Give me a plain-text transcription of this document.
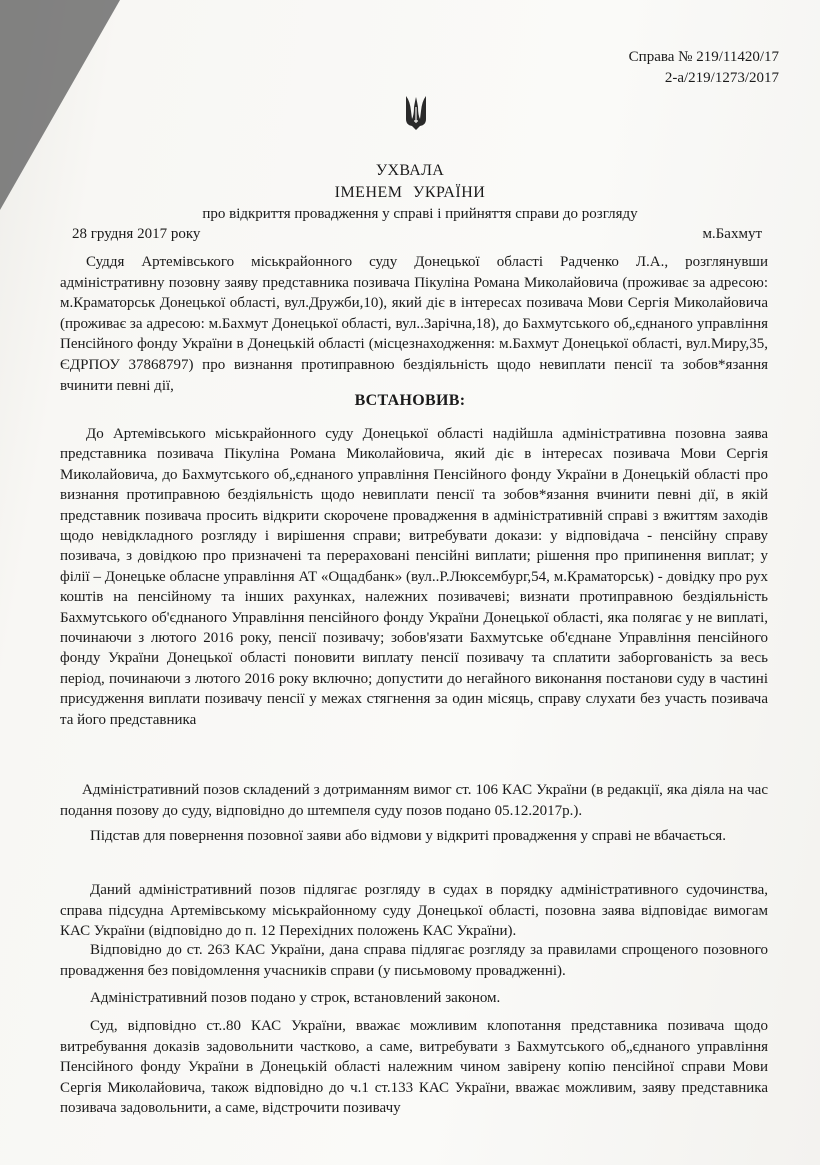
Справа № 219/11420/17
2-а/219/1273/2017
УХВАЛА
ІМЕНЕМ УКРАЇНИ
про відкриття провадження у справі і прийняття справи до розгляду
28 грудня 2017 року	м.Бахмут

Суддя Артемівського міськрайонного суду Донецької області Радченко Л.А., розглянувши адміністративну позовну заяву представника позивача Пікуліна Романа Миколайовича (проживає за адресою: м.Краматорськ Донецької області, вул.Дружби,10), який діє в інтересах позивача Мови Сергія Миколайовича (проживає за адресою: м.Бахмут Донецької області, вул..Зарічна,18), до Бахмутського об„єднаного управління Пенсійного фонду України в Донецькій області (місцезнаходження: м.Бахмут Донецької області, вул.Миру,35, ЄДРПОУ 37868797) про визнання протиправною бездіяльність щодо невиплати пенсії та зобов*язання вчинити певні дії,

ВСТАНОВИВ:

До Артемівського міськрайонного суду Донецької області надійшла адміністративна позовна заява представника позивача Пікуліна Романа Миколайовича, який діє в інтересах позивача Мови Сергія Миколайовича, до Бахмутського об„єднаного управління Пенсійного фонду України в Донецькій області про визнання протиправною бездіяльність щодо невиплати пенсії та зобов*язання вчинити певні дії, в якій представник позивача просить відкрити скорочене провадження в адміністративній справі з вжиттям заходів щодо невідкладного розгляду і вирішення справи; витребувати докази: у відповідача - пенсійну справу позивача, з довідкою про призначені та перераховані пенсійні виплати; рішення про припинення виплат; у філії – Донецьке обласне управління АТ «Ощадбанк» (вул..Р.Люксембург,54, м.Краматорськ) - довідку про рух коштів на пенсійному та інших рахунках, належних позивачеві; визнати протиправною бездіяльність Бахмутського об'єднаного Управління пенсійного фонду України Донецької області, яка полягає у не виплаті, починаючи з лютого 2016 року, пенсії позивачу; зобов'язати Бахмутське об'єднане Управління пенсійного фонду України Донецької області поновити виплату пенсії позивачу та сплатити заборгованість за весь період, починаючи з лютого 2016 року включно; допустити до негайного виконання постанови суду в частині присудження виплати позивачу пенсії у межах стягнення за один місяць, справу слухати без участь позивача та його представника

Адміністративний позов складений з дотриманням вимог ст. 106 КАС України (в редакції, яка діяла на час подання позову до суду, відповідно до штемпеля суду позов подано 05.12.2017р.).

Підстав для повернення позовної заяви або відмови у відкриті провадження у справі не вбачається.

Даний адміністративний позов підлягає розгляду в судах в порядку адміністративного судочинства, справа підсудна Артемівському міськрайонному суду Донецької області, позовна заява відповідає вимогам КАС України (відповідно до п. 12 Перехідних положень КАС України).

Відповідно до ст. 263 КАС України, дана справа підлягає розгляду за правилами спрощеного позовного провадження без повідомлення учасників справи (у письмовому провадженні).

Адміністративний позов подано у строк, встановлений законом.

Суд, відповідно ст..80 КАС України, вважає можливим клопотання представника позивача щодо витребування доказів задовольнити частково, а саме, витребувати з Бахмутського об„єднаного управління Пенсійного фонду України в Донецькій області належним чином завірену копію пенсійної справи Мови Сергія Миколайовича, також відповідно до ч.1 ст.133 КАС України, вважає можливим, заяву представника позивача задовольнити, а саме, відстрочити позивачу
